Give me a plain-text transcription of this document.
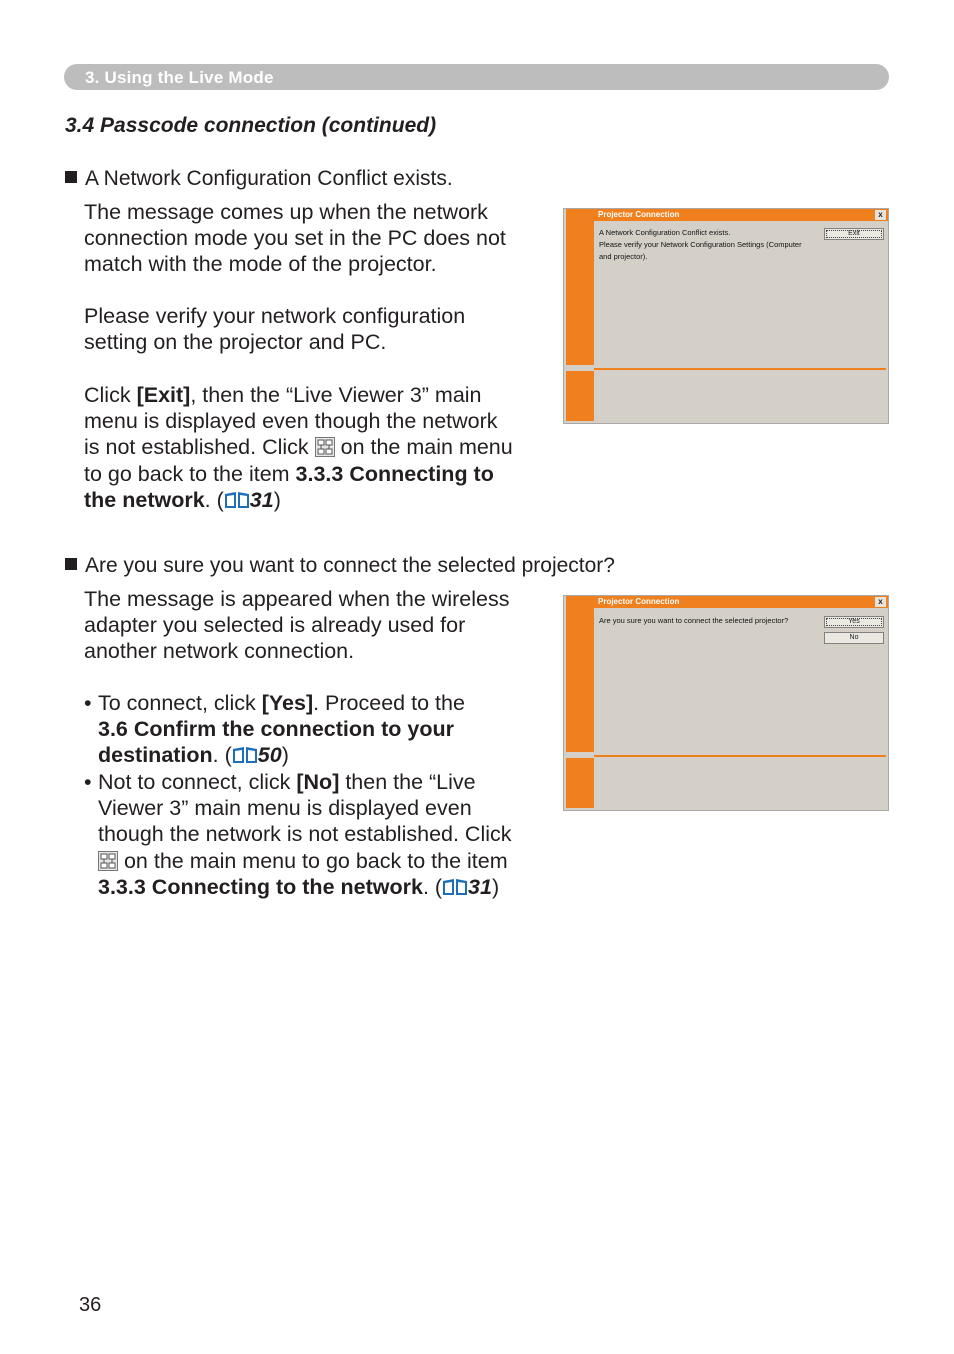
3. Using the Live Mode
3.4 Passcode connection (continued)
A Network Configuration Conflict exists.
The message comes up when the network
connection mode you set in the PC does not
match with the mode of the projector.
Please verify your network configuration
setting on the projector and PC.
Click [Exit], then the “Live Viewer 3” main
menu is displayed even though the network
is not established. Click  on the main menu
to go back to the item 3.3.3 Connecting to
the network. ( 31)
Projector Connection	x
A Network Configuration Conflict exists.
Please verify your Network Configuration Settings (Computer
and projector).
Exit
Are you sure you want to connect the selected projector?
The message is appeared when the wireless
adapter you selected is already used for
another network connection.
• To connect, click [Yes]. Proceed to the
3.6 Confirm the connection to your
destination. ( 50)
• Not to connect, click [No] then the “Live
Viewer 3” main menu is displayed even
though the network is not established. Click
on the main menu to go back to the item
3.3.3 Connecting to the network. ( 31)
Projector Connection	x
Are you sure you want to connect the selected projector?	Yes
No
36
